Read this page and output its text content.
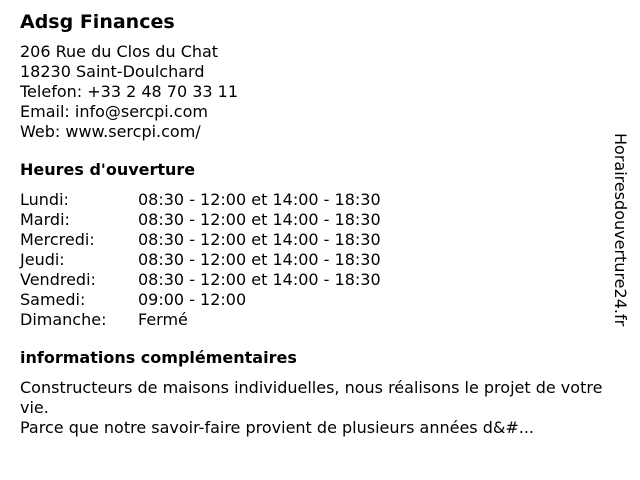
Adsg Finances
206 Rue du Clos du Chat
18230 Saint-Doulchard
Telefon: +33 2 48 70 33 11
Email: info@sercpi.com
Web: www.sercpi.com/
Heures d'ouverture
Lundi:	08:30 - 12:00 et 14:00 - 18:30
Mardi:	08:30 - 12:00 et 14:00 - 18:30
Mercredi:	08:30 - 12:00 et 14:00 - 18:30
Jeudi:	08:30 - 12:00 et 14:00 - 18:30
Vendredi:	08:30 - 12:00 et 14:00 - 18:30
Samedi:	09:00 - 12:00
Dimanche:	Fermé
informations complémentaires
Constructeurs de maisons individuelles, nous réalisons le projet de votre vie.
Parce que notre savoir-faire provient de plusieurs années d&#...
Horairesdouverture24.fr
